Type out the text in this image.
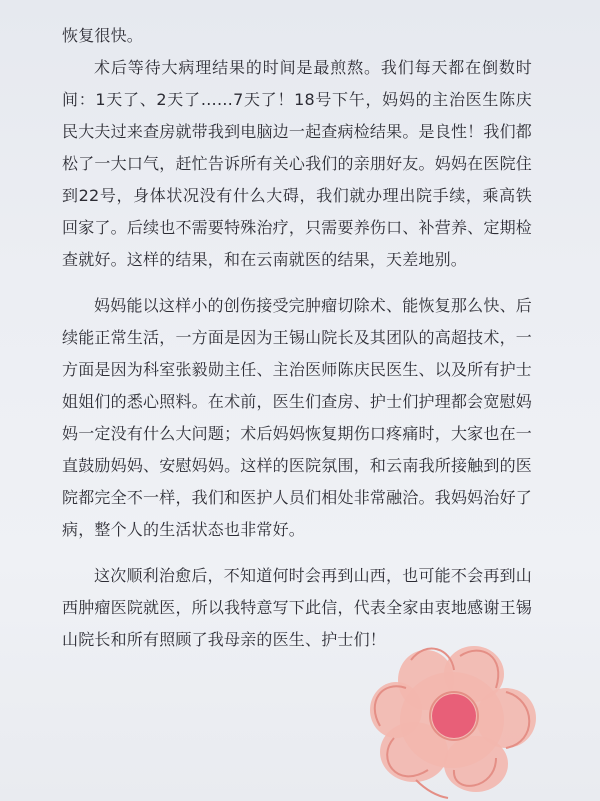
恢复很快。

术后等待大病理结果的时间是最煎熬。我们每天都在倒数时间：1天了、2天了……7天了！18号下午，妈妈的主治医生陈庆民大夫过来查房就带我到电脑边一起查病检结果。是良性！我们都松了一大口气，赶忙告诉所有关心我们的亲朋好友。妈妈在医院住到22号，身体状况没有什么大碍，我们就办理出院手续，乘高铁回家了。后续也不需要特殊治疗，只需要养伤口、补营养、定期检查就好。这样的结果，和在云南就医的结果，天差地别。

妈妈能以这样小的创伤接受完肿瘤切除术、能恢复那么快、后续能正常生活，一方面是因为王锡山院长及其团队的高超技术，一方面是因为科室张毅勋主任、主治医师陈庆民医生、以及所有护士姐姐们的悉心照料。在术前，医生们查房、护士们护理都会宽慰妈妈一定没有什么大问题；术后妈妈恢复期伤口疼痛时，大家也在一直鼓励妈妈、安慰妈妈。这样的医院氛围，和云南我所接触到的医院都完全不一样，我们和医护人员们相处非常融洽。我妈妈治好了病，整个人的生活状态也非常好。

这次顺利治愈后，不知道何时会再到山西，也可能不会再到山西肿瘤医院就医，所以我特意写下此信，代表全家由衷地感谢王锡山院长和所有照顾了我母亲的医生、护士们！
